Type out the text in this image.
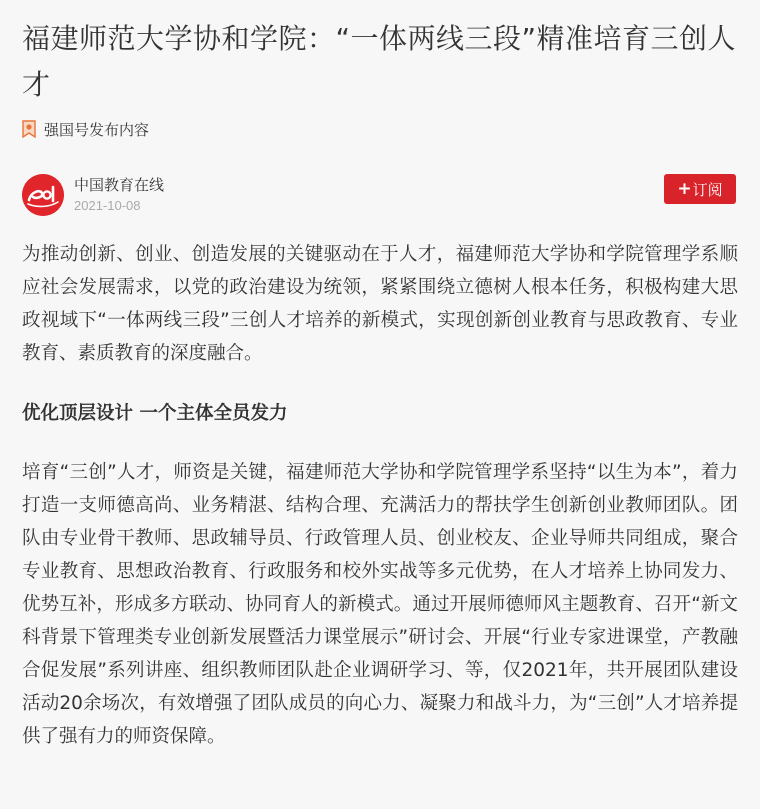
福建师范大学协和学院：“一体两线三段”精准培育三创人才
强国号发布内容
中国教育在线
2021-10-08
+ 订阅

为推动创新、创业、创造发展的关键驱动在于人才，福建师范大学协和学院管理学系顺应社会发展需求，以党的政治建设为统领，紧紧围绕立德树人根本任务，积极构建大思政视域下“一体两线三段”三创人才培养的新模式，实现创新创业教育与思政教育、专业教育、素质教育的深度融合。

优化顶层设计 一个主体全员发力

培育“三创”人才，师资是关键，福建师范大学协和学院管理学系坚持“以生为本”，着力打造一支师德高尚、业务精湛、结构合理、充满活力的帮扶学生创新创业教师团队。团队由专业骨干教师、思政辅导员、行政管理人员、创业校友、企业导师共同组成，聚合专业教育、思想政治教育、行政服务和校外实战等多元优势，在人才培养上协同发力、优势互补，形成多方联动、协同育人的新模式。通过开展师德师风主题教育、召开“新文科背景下管理类专业创新发展暨活力课堂展示”研讨会、开展“行业专家进课堂，产教融合促发展”系列讲座、组织教师团队赴企业调研学习、等，仅2021年，共开展团队建设活动20余场次，有效增强了团队成员的向心力、凝聚力和战斗力，为“三创”人才培养提供了强有力的师资保障。
